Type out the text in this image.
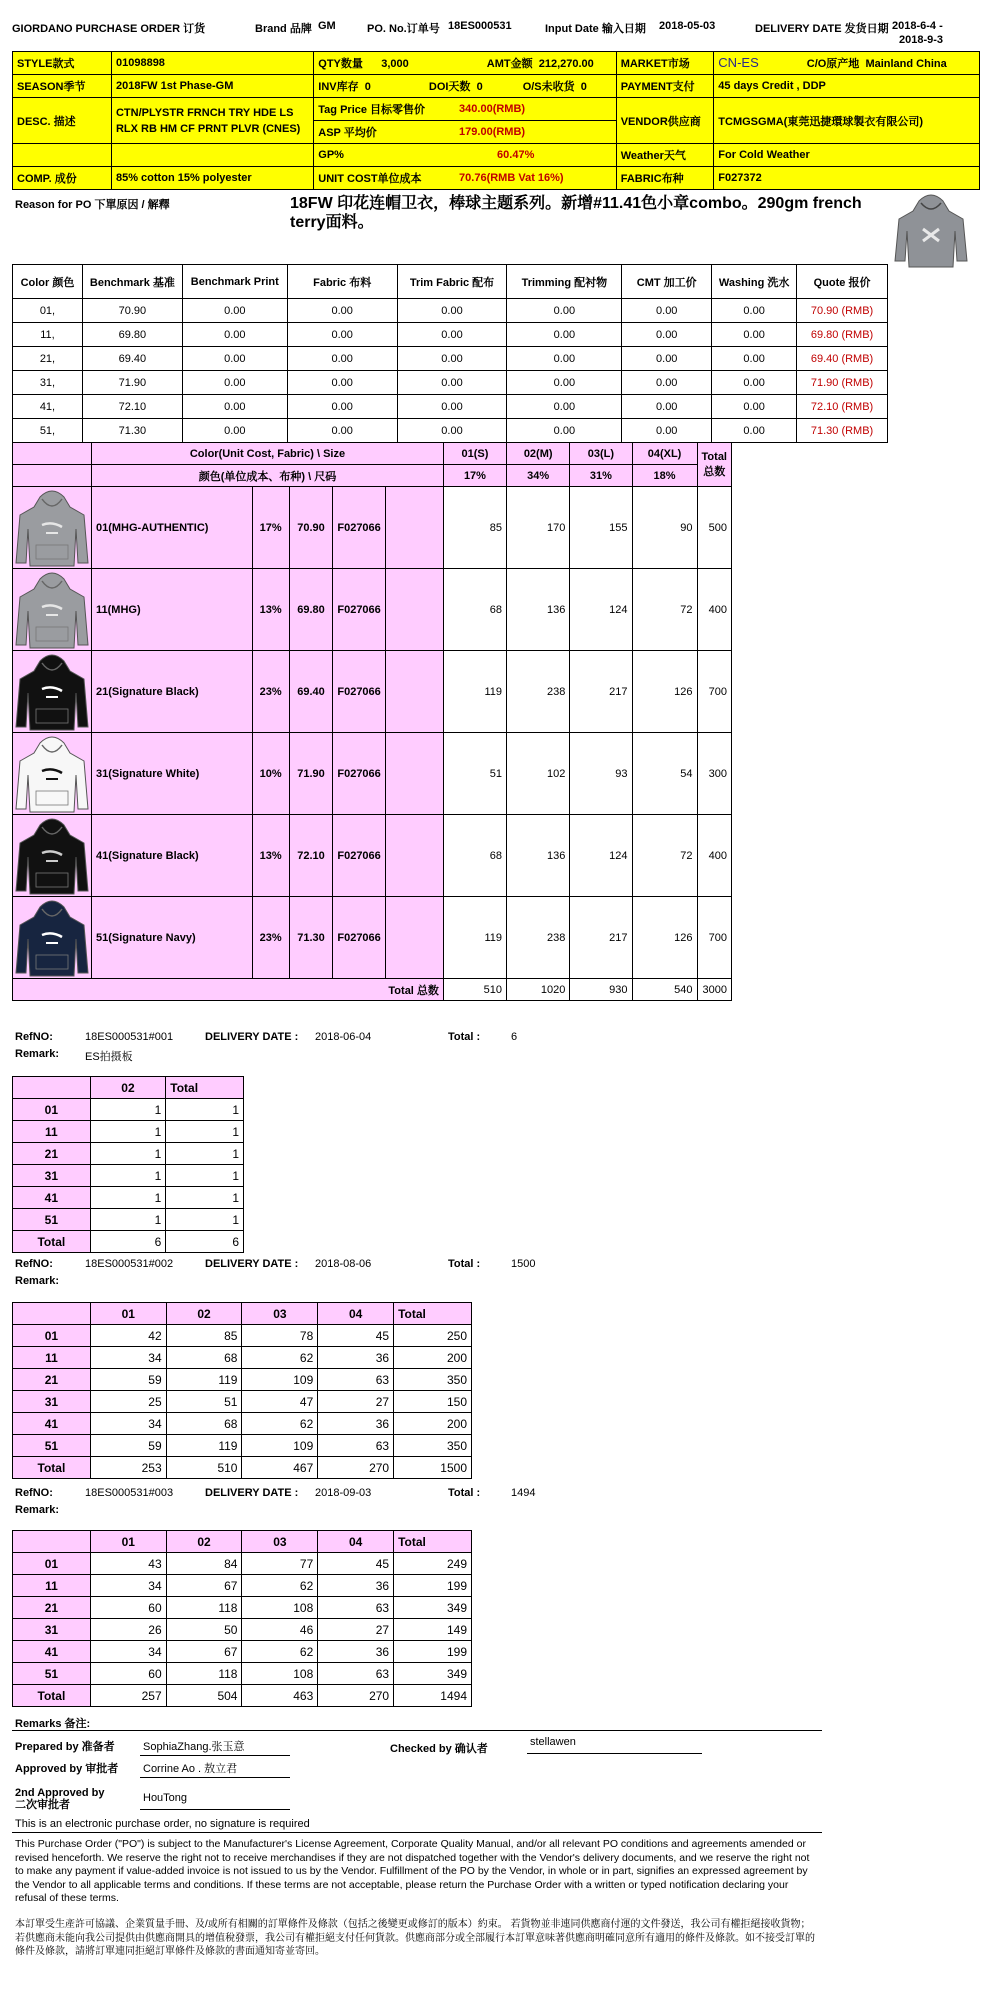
GIORDANO PURCHASE ORDER 订货	Brand 品牌 GM	PO. No.订单号 18ES000531	Input Date 输入日期 2018-05-03	DELIVERY DATE 发货日期 2018-6-4 -
2018-9-3
STYLE款式	01098898	QTY数量 3,000 AMT金额 212,270.00		MARKET市场	CN-ES C/O原产地 Mainland China
SEASON季节	2018FW 1st Phase-GM	INV库存 0 DOI天数 0 O/S未收货 0		PAYMENT支付	45 days Credit , DDP
DESC. 描述	CTN/PLYSTR FRNCH TRY HDE LS RLX RB HM CF PRNT PLVR (CNES)	Tag Price 目标零售价	340.00(RMB)	VENDOR供应商	TCMGSGMA(東莞迅捷環球製衣有限公司)
		ASP 平均价	179.00(RMB)		
		GP%	60.47%	Weather天气	For Cold Weather
COMP. 成份	85% cotton 15% polyester	UNIT COST单位成本	70.76(RMB Vat 16%)	FABRIC布种	F027372
Reason for PO 下單原因 / 解釋	18FW 印花连帽卫衣，棒球主题系列。新增#11.41色小章combo。290gm french terry面料。
Color 颜色	Benchmark 基准	Benchmark Print	Fabric 布料	Trim Fabric 配布	Trimming 配衬物	CMT 加工价	Washing 洗水	Quote 报价
01,	70.90	0.00	0.00	0.00	0.00	0.00	0.00	70.90 (RMB)
11,	69.80	0.00	0.00	0.00	0.00	0.00	0.00	69.80 (RMB)
21,	69.40	0.00	0.00	0.00	0.00	0.00	0.00	69.40 (RMB)
31,	71.90	0.00	0.00	0.00	0.00	0.00	0.00	71.90 (RMB)
41,	72.10	0.00	0.00	0.00	0.00	0.00	0.00	72.10 (RMB)
51,	71.30	0.00	0.00	0.00	0.00	0.00	0.00	71.30 (RMB)
	Color(Unit Cost, Fabric) \ Size					01(S)	02(M)	03(L)	04(XL)	Total 总数
	颜色(单位成本、布种) \ 尺码					17%	34%	31%	18%	

	01(MHG-AUTHENTIC)	17%	70.90	F027066		85	170	155	90	500

	11(MHG)	13%	69.80	F027066		68	136	124	72	400

	21(Signature Black)	23%	69.40	F027066		119	238	217	126	700

	31(Signature White)	10%	71.90	F027066		51	102	93	54	300

	41(Signature Black)	13%	72.10	F027066		68	136	124	72	400

	51(Signature Navy)	23%	71.30	F027066		119	238	217	126	700
Total 总数						510	1020	930	540	3000
RefNO:	18ES000531#001	DELIVERY DATE : 2018-06-04	Total :	6
Remark: ES拍摄板
	02	Total
01	1	1
11	1	1
21	1	1
31	1	1
41	1	1
51	1	1
Total	6	6
RefNO:	18ES000531#002	DELIVERY DATE : 2018-08-06	Total :	1500
Remark:
	01	02	03	04	Total
01	42	85	78	45	250
11	34	68	62	36	200
21	59	119	109	63	350
31	25	51	47	27	150
41	34	68	62	36	200
51	59	119	109	63	350
Total	253	510	467	270	1500
RefNO:	18ES000531#003	DELIVERY DATE : 2018-09-03	Total :	1494
Remark:
	01	02	03	04	Total
01	43	84	77	45	249
11	34	67	62	36	199
21	60	118	108	63	349
31	26	50	46	27	149
41	34	67	62	36	199
51	60	118	108	63	349
Total	257	504	463	270	1494
Remarks 备注:
Prepared by 准备者	SophiaZhang.张玉意	Checked by 确认者
stellawen
Approved by 审批者 Corrine Ao . 敖立君
2nd Approved by
二次审批者
HouTong
This is an electronic purchase order, no signature is required
This Purchase Order ("PO") is subject to the Manufacturer's License Agreement, Corporate Quality Manual, and/or all relevant PO conditions and agreements amended or revised henceforth. We reserve the right not to receive merchandises if they are not dispatched together with the Vendor's delivery documents, and we reserve the right not to make any payment if value-added invoice is not issued to us by the Vendor. Fulfillment of the PO by the Vendor, in whole or in part, signifies an expressed agreement by the Vendor to all applicable terms and conditions. If these terms are not acceptable, please return the Purchase Order with a written or typed notification declaring your refusal of these terms.
本訂單受生產許可協議、企業質量手冊、及/或所有相關的訂單條件及條款（包括之後變更或修訂的版本）約束。 若貨物並非連同供應商付運的文件發送，我公司有權拒絕接收貨物；若供應商未能向我公司提供由供應商開具的增值稅發票，我公司有權拒絕支付任何貨款。供應商部分或全部履行本訂單意味著供應商明確同意所有適用的條件及條款。如不接受訂單的條件及條款，請將訂單連同拒絕訂單條件及條款的書面通知寄並寄回。
